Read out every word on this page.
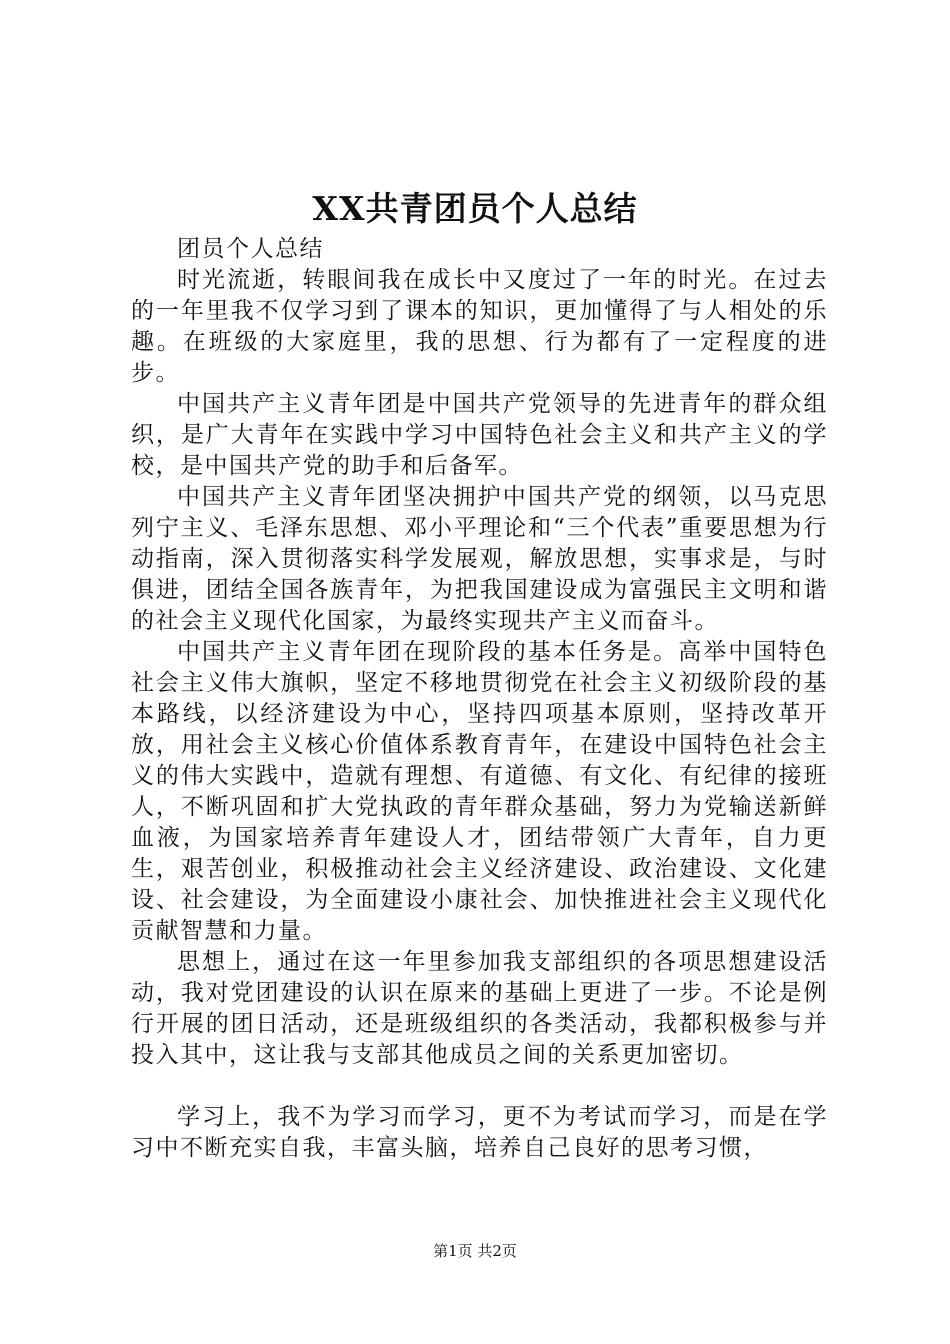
XX共青团员个人总结

团员个人总结

时光流逝，转眼间我在成长中又度过了一年的时光。在过去的一年里我不仅学习到了课本的知识，更加懂得了与人相处的乐趣。在班级的大家庭里，我的思想、行为都有了一定程度的进步。

中国共产主义青年团是中国共产党领导的先进青年的群众组织，是广大青年在实践中学习中国特色社会主义和共产主义的学校，是中国共产党的助手和后备军。

中国共产主义青年团坚决拥护中国共产党的纲领，以马克思列宁主义、毛泽东思想、邓小平理论和“三个代表”重要思想为行动指南，深入贯彻落实科学发展观，解放思想，实事求是，与时俱进，团结全国各族青年，为把我国建设成为富强民主文明和谐的社会主义现代化国家，为最终实现共产主义而奋斗。

中国共产主义青年团在现阶段的基本任务是。高举中国特色社会主义伟大旗帜，坚定不移地贯彻党在社会主义初级阶段的基本路线，以经济建设为中心，坚持四项基本原则，坚持改革开放，用社会主义核心价值体系教育青年，在建设中国特色社会主义的伟大实践中，造就有理想、有道德、有文化、有纪律的接班人，不断巩固和扩大党执政的青年群众基础，努力为党输送新鲜血液，为国家培养青年建设人才，团结带领广大青年，自力更生，艰苦创业，积极推动社会主义经济建设、政治建设、文化建设、社会建设，为全面建设小康社会、加快推进社会主义现代化贡献智慧和力量。

思想上，通过在这一年里参加我支部组织的各项思想建设活动，我对党团建设的认识在原来的基础上更进了一步。不论是例行开展的团日活动，还是班级组织的各类活动，我都积极参与并投入其中，这让我与支部其他成员之间的关系更加密切。

学习上，我不为学习而学习，更不为考试而学习，而是在学习中不断充实自我，丰富头脑，培养自己良好的思考习惯，

第1页 共2页
